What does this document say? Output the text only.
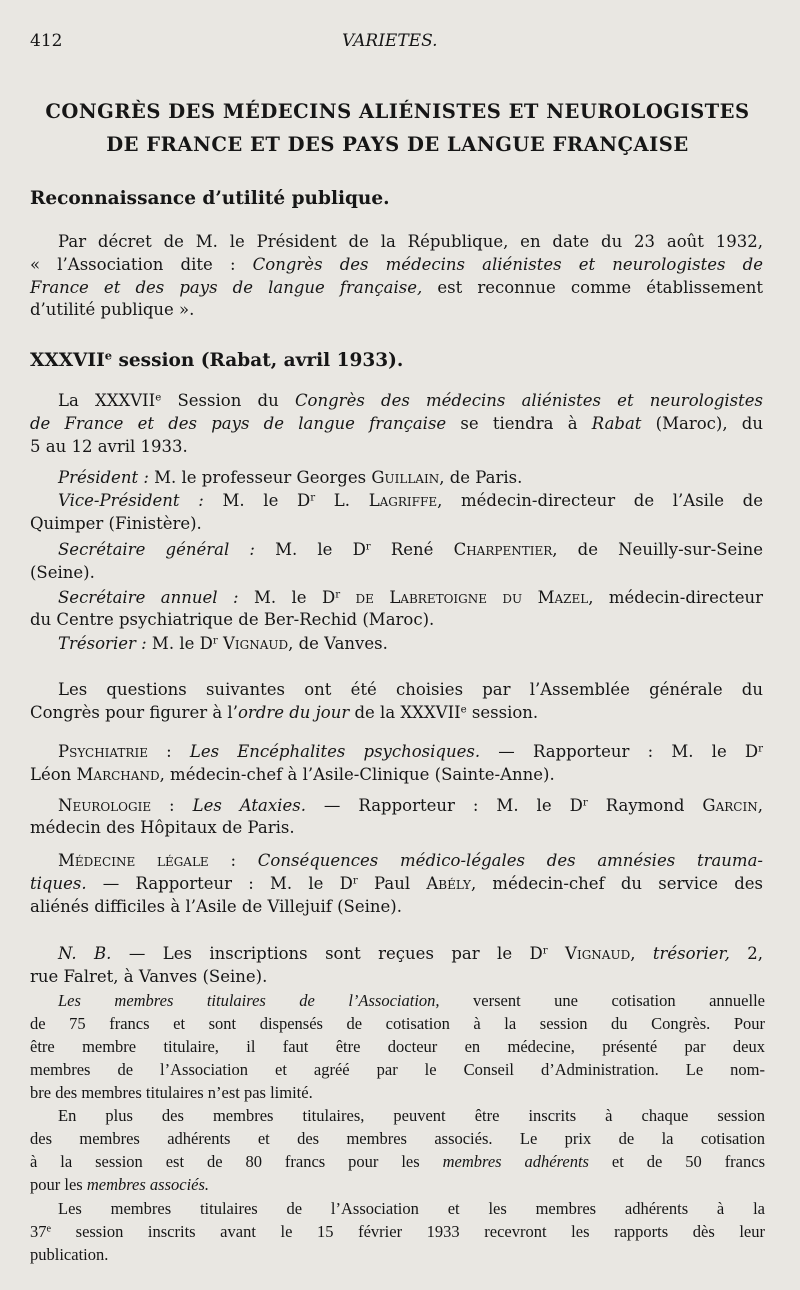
412	VARIETES.
CONGRÈS DES MÉDECINS ALIÉNISTES ET NEUROLOGISTES
DE FRANCE ET DES PAYS DE LANGUE FRANÇAISE
Reconnaissance d’utilité publique.
Par décret de M. le Président de la République, en date du 23 août 1932,
« l’Association dite : Congrès des médecins aliénistes et neurologistes de
France et des pays de langue française, est reconnue comme établissement
d’utilité publique ».
XXXVIIe session (Rabat, avril 1933).
La XXXVIIe Session du Congrès des médecins aliénistes et neurologistes
de France et des pays de langue française se tiendra à Rabat (Maroc), du
5 au 12 avril 1933.
Président : M. le professeur Georges Guillain, de Paris.
Vice-Président : M. le $D^r$ L. Lagriffe, médecin-directeur de l’Asile de
Quimper (Finistère).
Secrétaire général : M. le $D^r$ René Charpentier, de Neuilly-sur-Seine
(Seine).
Secrétaire annuel : M. le $D^r$ de Labretoigne du Mazel, médecin-directeur
du Centre psychiatrique de Ber-Rechid (Maroc).
Trésorier : M. le $D^r$ Vignaud, de Vanves.
Les questions suivantes ont été choisies par l’Assemblée générale du
Congrès pour figurer à l’ordre du jour de la XXXVIIe session.
Psychiatrie : Les Encéphalites psychosiques. — Rapporteur : M. le $D^r$
Léon Marchand, médecin-chef à l’Asile-Clinique (Sainte-Anne).
Neurologie : Les Ataxies. — Rapporteur : M. le $D^r$ Raymond Garcin,
médecin des Hôpitaux de Paris.
Médecine légale : Conséquences médico-légales des amnésies trauma-
tiques. — Rapporteur : M. le $D^r$ Paul Abély, médecin-chef du service des
aliénés difficiles à l’Asile de Villejuif (Seine).
N. B. — Les inscriptions sont reçues par le $D^r$ Vignaud, trésorier, 2,
rue Falret, à Vanves (Seine).
Les membres titulaires de l’Association, versent une cotisation annuelle
de 75 francs et sont dispensés de cotisation à la session du Congrès. Pour
être membre titulaire, il faut être docteur en médecine, présenté par deux
membres de l’Association et agréé par le Conseil d’Administration. Le nom-
bre des membres titulaires n’est pas limité.
En plus des membres titulaires, peuvent être inscrits à chaque session
des membres adhérents et des membres associés. Le prix de la cotisation
à la session est de 80 francs pour les membres adhérents et de 50 francs
pour les membres associés.
Les membres titulaires de l’Association et les membres adhérents à la
37e session inscrits avant le 15 février 1933 recevront les rapports dès leur
publication.
